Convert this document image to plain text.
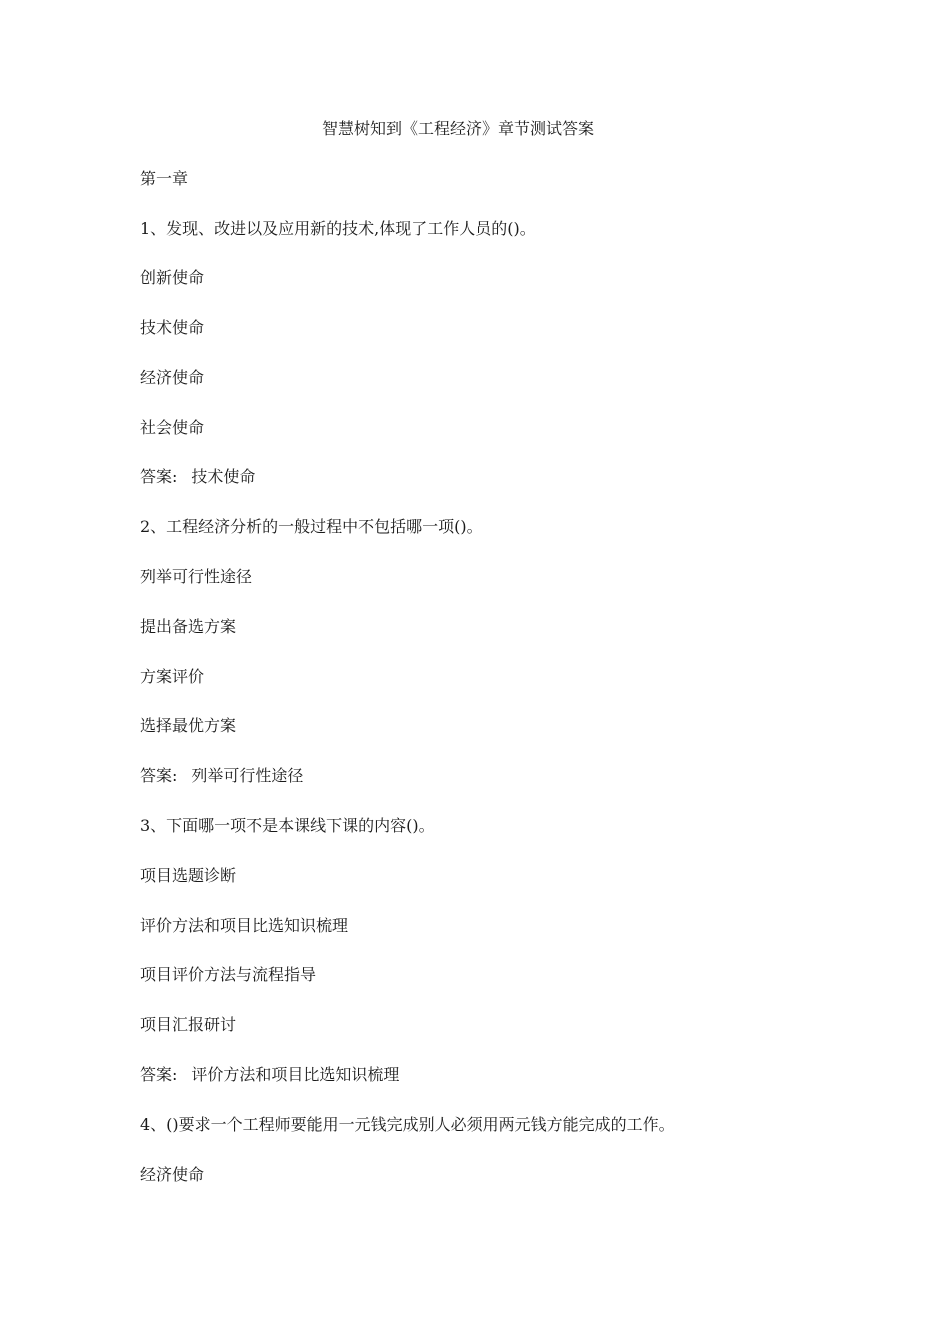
智慧树知到《工程经济》章节测试答案

第一章

1、发现、改进以及应用新的技术,体现了工作人员的()。

创新使命

技术使命

经济使命

社会使命

答案: 技术使命

2、工程经济分析的一般过程中不包括哪一项()。

列举可行性途径

提出备选方案

方案评价

选择最优方案

答案: 列举可行性途径

3、下面哪一项不是本课线下课的内容()。

项目选题诊断

评价方法和项目比选知识梳理

项目评价方法与流程指导

项目汇报研讨

答案: 评价方法和项目比选知识梳理

4、()要求一个工程师要能用一元钱完成别人必须用两元钱方能完成的工作。

经济使命
